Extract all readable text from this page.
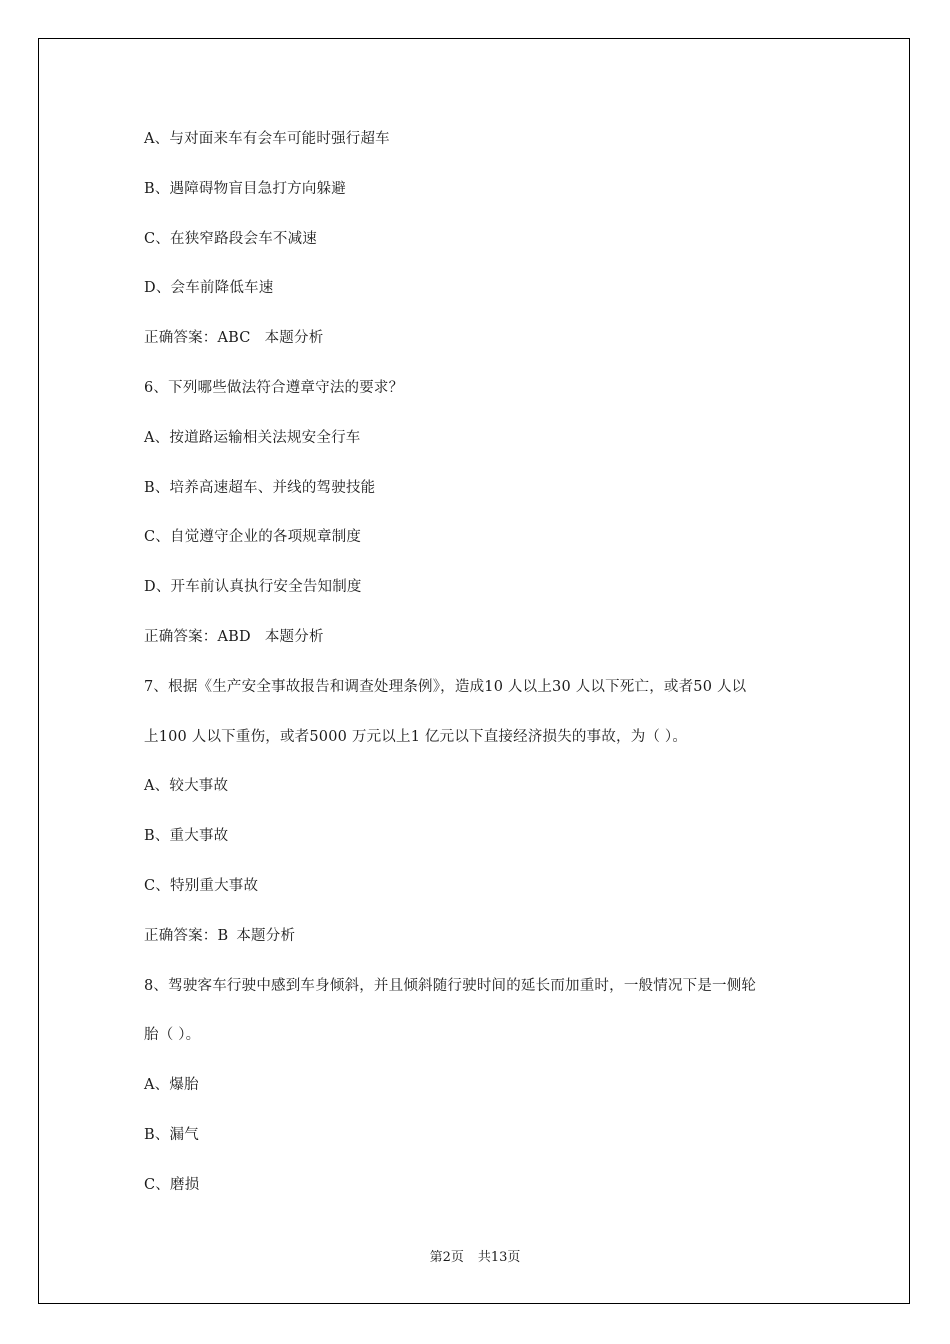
A、与对面来车有会车可能时强行超车
B、遇障碍物盲目急打方向躲避
C、在狭窄路段会车不减速
D、会车前降低车速
正确答案：ABC 本题分析
6、下列哪些做法符合遵章守法的要求？
A、按道路运输相关法规安全行车
B、培养高速超车、并线的驾驶技能
C、自觉遵守企业的各项规章制度
D、开车前认真执行安全告知制度
正确答案：ABD 本题分析
7、根据《生产安全事故报告和调查处理条例》，造成10 人以上30 人以下死亡，或者50 人以
上100 人以下重伤，或者5000 万元以上1 亿元以下直接经济损失的事故，为（ ）。
A、较大事故
B、重大事故
C、特别重大事故
正确答案：B 本题分析
8、驾驶客车行驶中感到车身倾斜，并且倾斜随行驶时间的延长而加重时，一般情况下是一侧轮
胎（ ）。
A、爆胎
B、漏气
C、磨损
第2页 共13页
